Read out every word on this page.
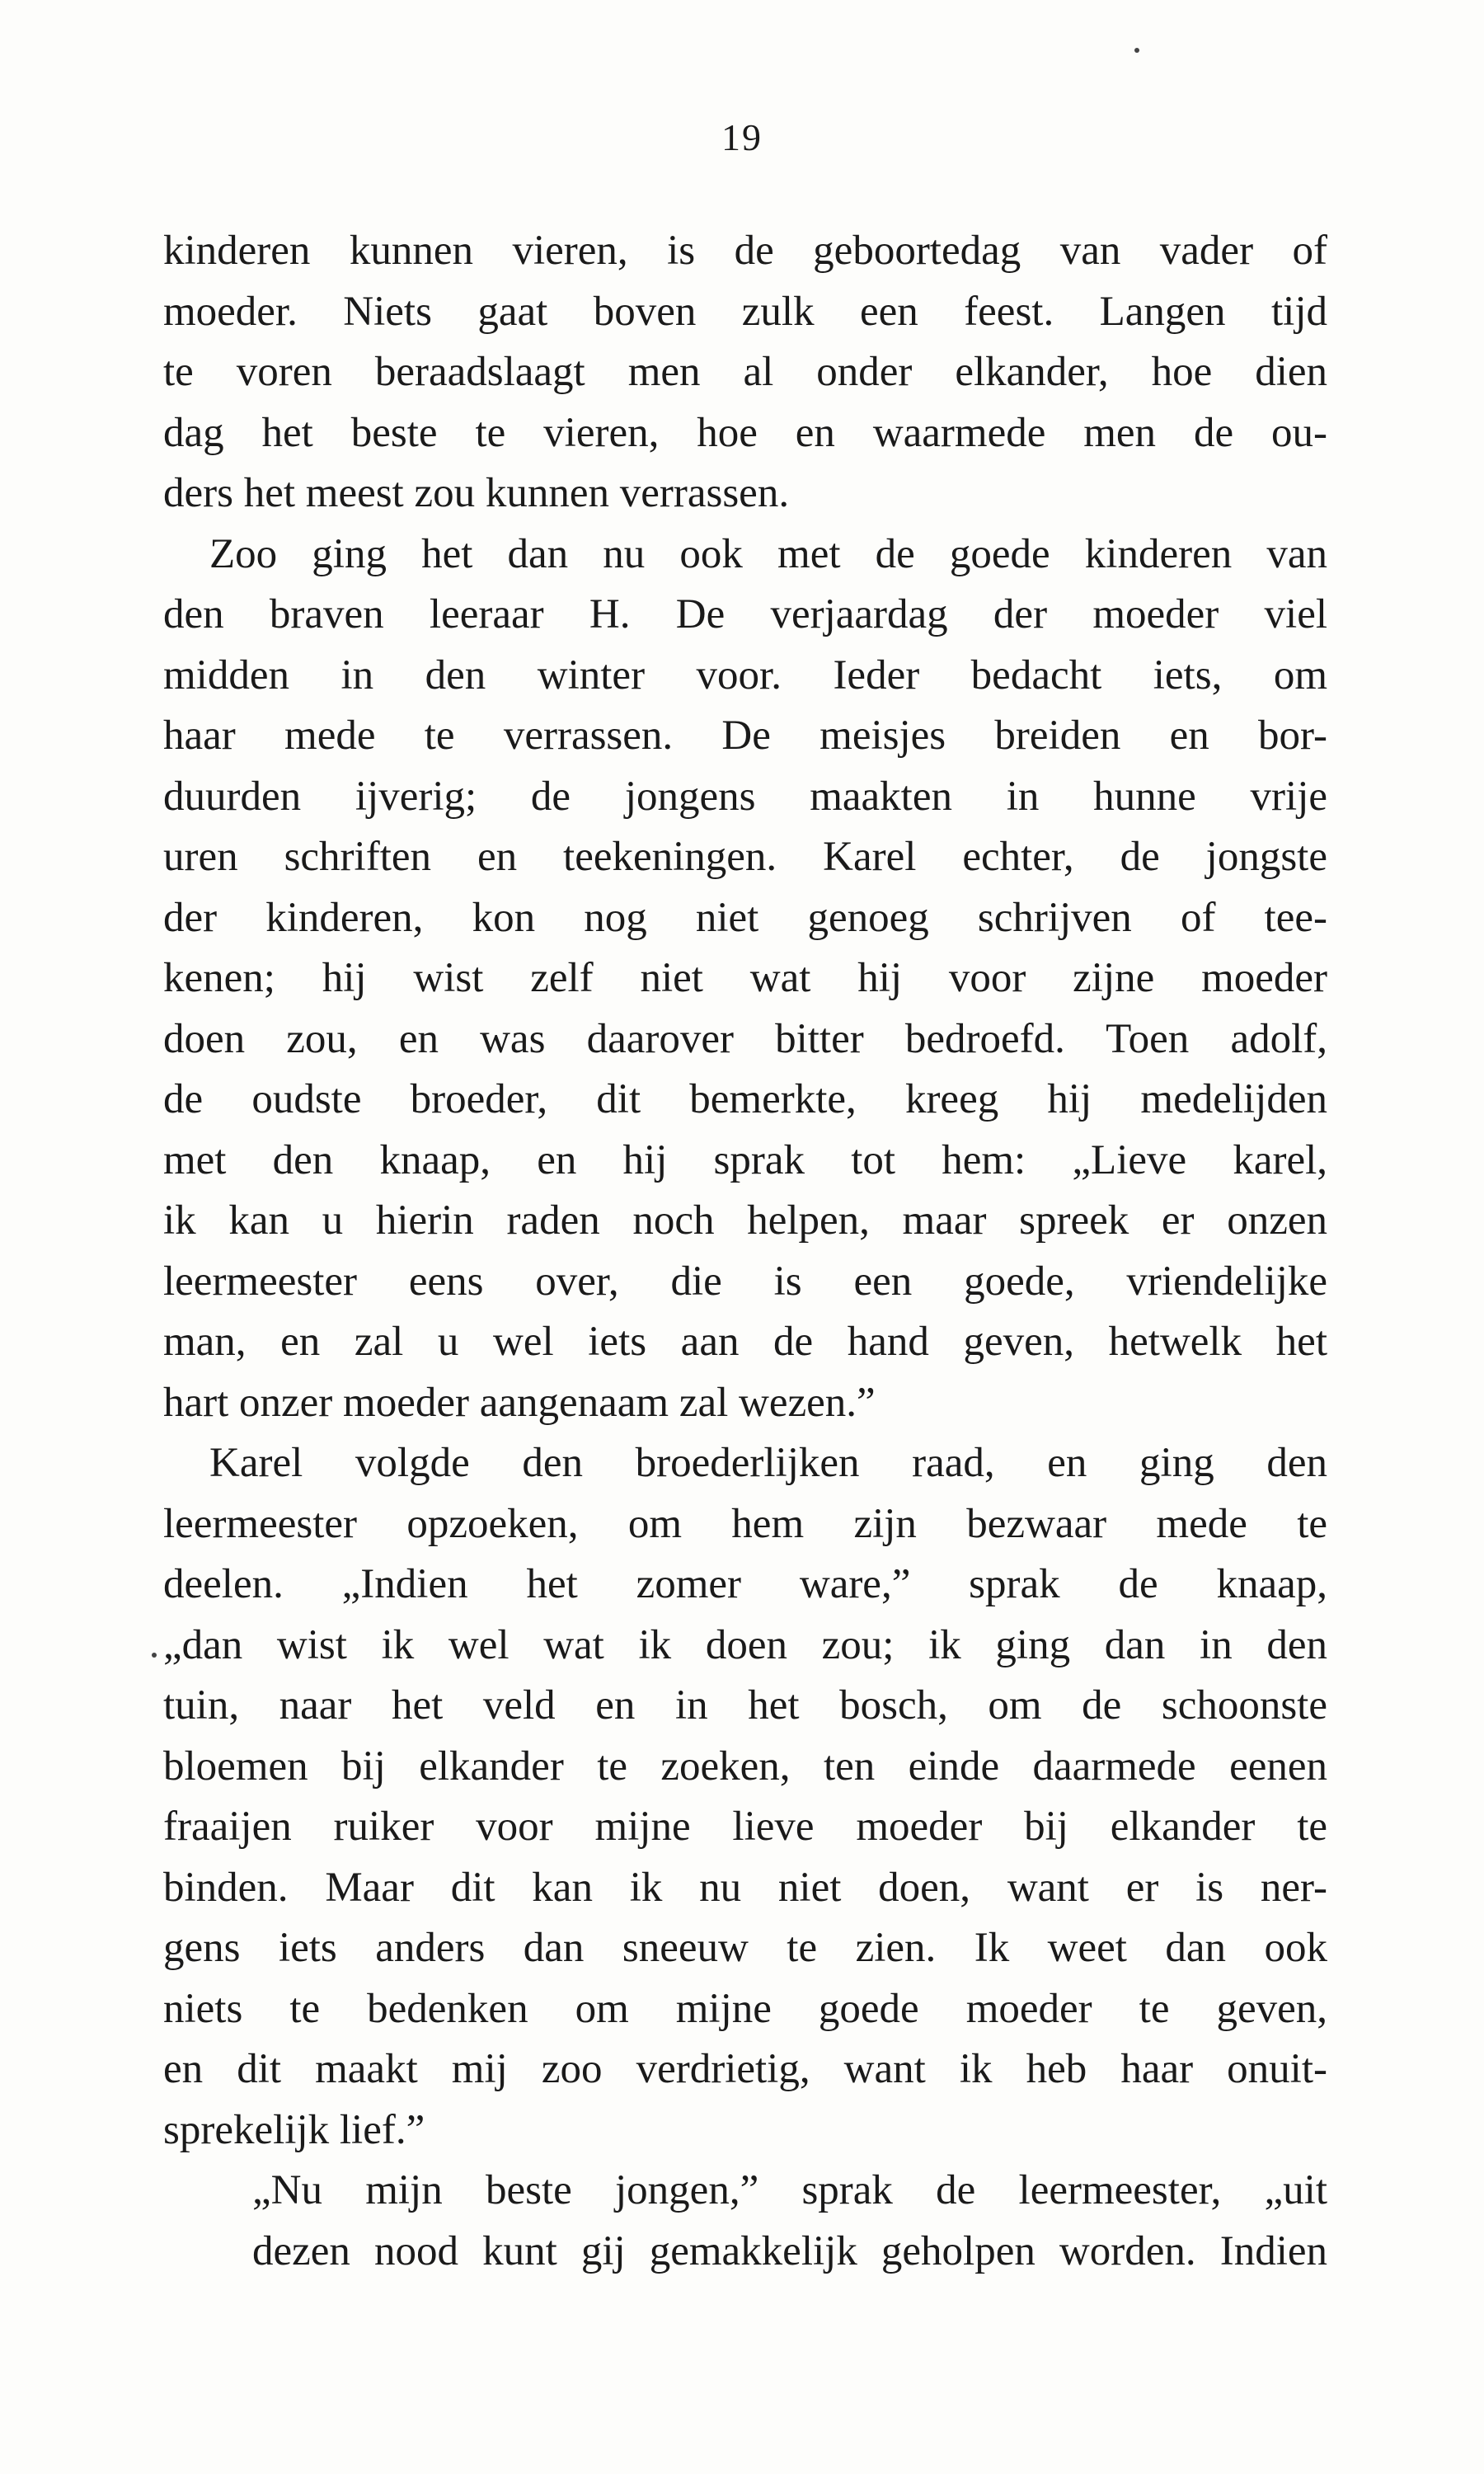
19
kinderen kunnen vieren, is de geboortedag van vader of
moeder. Niets gaat boven zulk een feest. Langen tijd
te voren beraadslaagt men al onder elkander, hoe dien
dag het beste te vieren, hoe en waarmede men de ou-
ders het meest zou kunnen verrassen.
Zoo ging het dan nu ook met de goede kinderen van
den braven leeraar H. De verjaardag der moeder viel
midden in den winter voor. Ieder bedacht iets, om
haar mede te verrassen. De meisjes breiden en bor-
duurden ijverig; de jongens maakten in hunne vrije
uren schriften en teekeningen. Karel echter, de jongste
der kinderen, kon nog niet genoeg schrijven of tee-
kenen; hij wist zelf niet wat hij voor zijne moeder
doen zou, en was daarover bitter bedroefd. Toen adolf,
de oudste broeder, dit bemerkte, kreeg hij medelijden
met den knaap, en hij sprak tot hem: „Lieve karel,
ik kan u hierin raden noch helpen, maar spreek er onzen
leermeester eens over, die is een goede, vriendelijke
man, en zal u wel iets aan de hand geven, hetwelk het
hart onzer moeder aangenaam zal wezen.”
Karel volgde den broederlijken raad, en ging den
leermeester opzoeken, om hem zijn bezwaar mede te
deelen. „Indien het zomer ware,” sprak de knaap,
„dan wist ik wel wat ik doen zou; ik ging dan in den
tuin, naar het veld en in het bosch, om de schoonste
bloemen bij elkander te zoeken, ten einde daarmede eenen
fraaijen ruiker voor mijne lieve moeder bij elkander te
binden. Maar dit kan ik nu niet doen, want er is ner-
gens iets anders dan sneeuw te zien. Ik weet dan ook
niets te bedenken om mijne goede moeder te geven,
en dit maakt mij zoo verdrietig, want ik heb haar onuit-
sprekelijk lief.”
„Nu mijn beste jongen,” sprak de leermeester, „uit
dezen nood kunt gij gemakkelijk geholpen worden. Indien
